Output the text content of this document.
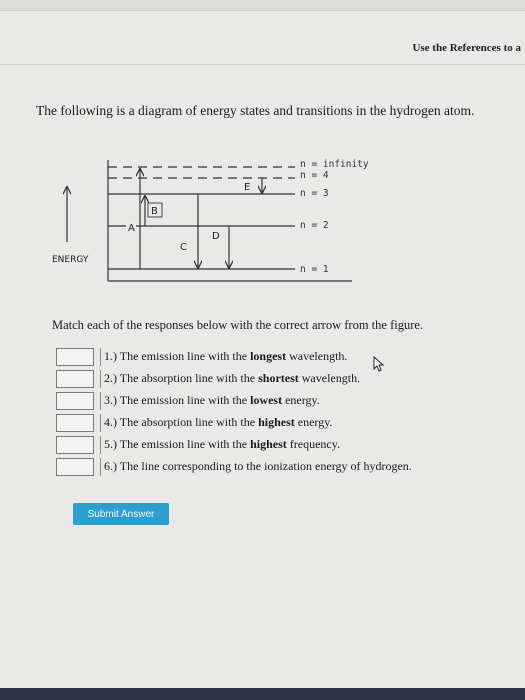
Use the References to a
The following is a diagram of energy states and transitions in the hydrogen atom.
A
B
C
D
E
n = infinity
n = 4
n = 3
n = 2
n = 1
ENERGY
Match each of the responses below with the correct arrow from the figure.
1.) The emission line with the longest wavelength.
2.) The absorption line with the shortest wavelength.
3.) The emission line with the lowest energy.
4.) The absorption line with the highest energy.
5.) The emission line with the highest frequency.
6.) The line corresponding to the ionization energy of hydrogen.
Submit Answer
